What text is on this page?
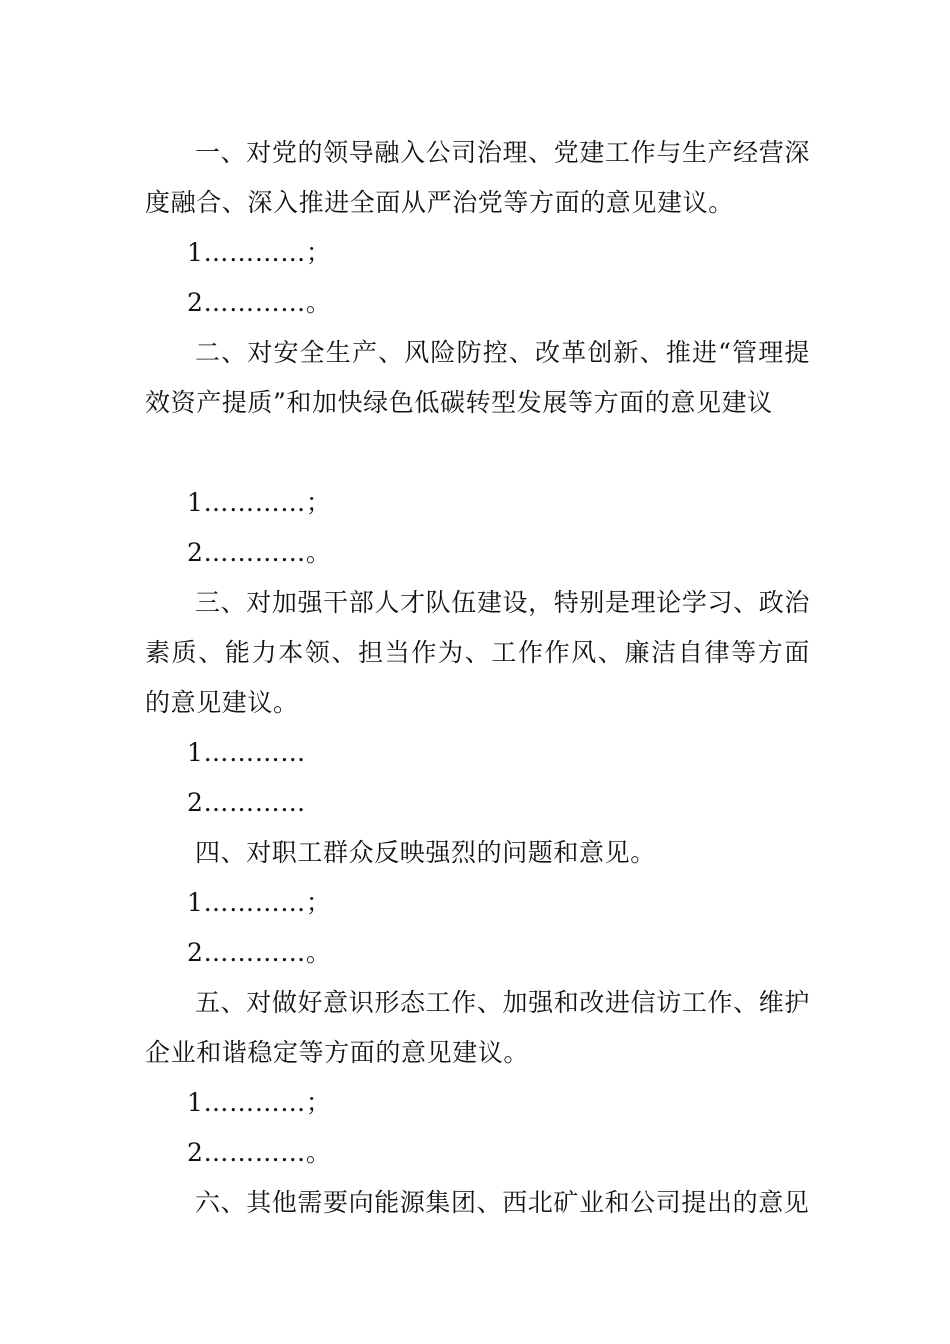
一、对党的领导融入公司治理、党建工作与生产经营深度融合、深入推进全面从严治党等方面的意见建议。

1…………；

2…………。

二、对安全生产、风险防控、改革创新、推进“管理提效资产提质”和加快绿色低碳转型发展等方面的意见建议

1…………；

2…………。

三、对加强干部人才队伍建设，特别是理论学习、政治素质、能力本领、担当作为、工作作风、廉洁自律等方面的意见建议。

1…………

2…………

四、对职工群众反映强烈的问题和意见。

1…………；

2…………。

五、对做好意识形态工作、加强和改进信访工作、维护企业和谐稳定等方面的意见建议。

1…………；

2…………。

六、其他需要向能源集团、西北矿业和公司提出的意见
